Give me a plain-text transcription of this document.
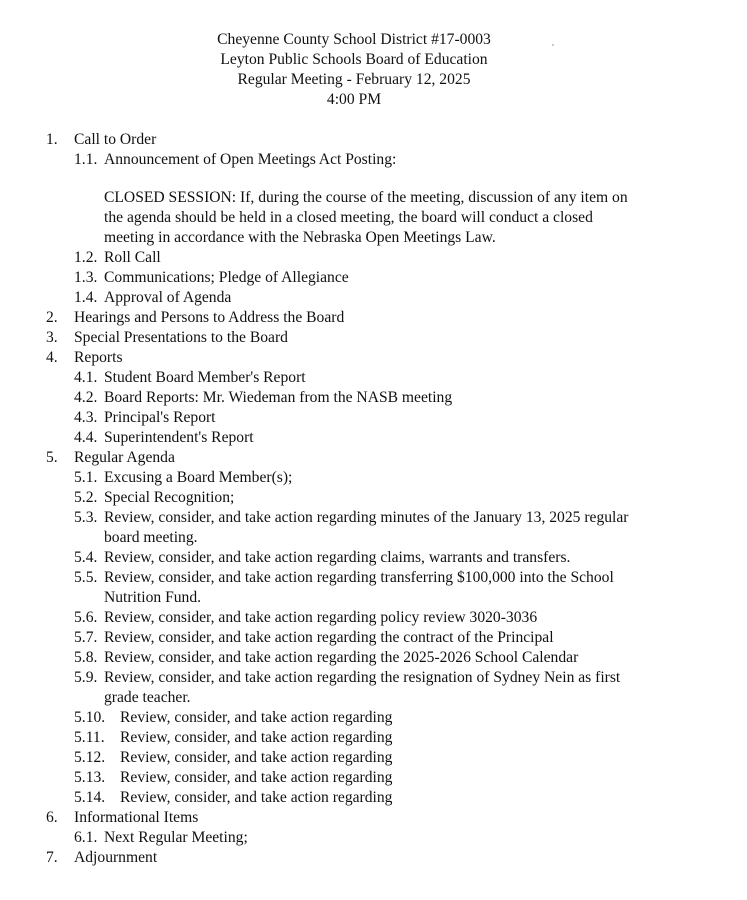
Cheyenne County School District #17-0003
Leyton Public Schools Board of Education
Regular Meeting - February 12, 2025
4:00 PM
1. Call to Order
1.1. Announcement of Open Meetings Act Posting:
CLOSED SESSION: If, during the course of the meeting, discussion of any item on
the agenda should be held in a closed meeting, the board will conduct a closed
meeting in accordance with the Nebraska Open Meetings Law.
1.2. Roll Call
1.3. Communications; Pledge of Allegiance
1.4. Approval of Agenda
2. Hearings and Persons to Address the Board
3. Special Presentations to the Board
4. Reports
4.1. Student Board Member's Report
4.2. Board Reports: Mr. Wiedeman from the NASB meeting
4.3. Principal's Report
4.4. Superintendent's Report
5. Regular Agenda
5.1. Excusing a Board Member(s);
5.2. Special Recognition;
5.3. Review, consider, and take action regarding minutes of the January 13, 2025 regular
board meeting.
5.4. Review, consider, and take action regarding claims, warrants and transfers.
5.5. Review, consider, and take action regarding transferring $100,000 into the School
Nutrition Fund.
5.6. Review, consider, and take action regarding policy review 3020-3036
5.7. Review, consider, and take action regarding the contract of the Principal
5.8. Review, consider, and take action regarding the 2025-2026 School Calendar
5.9. Review, consider, and take action regarding the resignation of Sydney Nein as first
grade teacher.
5.10. Review, consider, and take action regarding
5.11. Review, consider, and take action regarding
5.12. Review, consider, and take action regarding
5.13. Review, consider, and take action regarding
5.14. Review, consider, and take action regarding
6. Informational Items
6.1. Next Regular Meeting;
7. Adjournment
